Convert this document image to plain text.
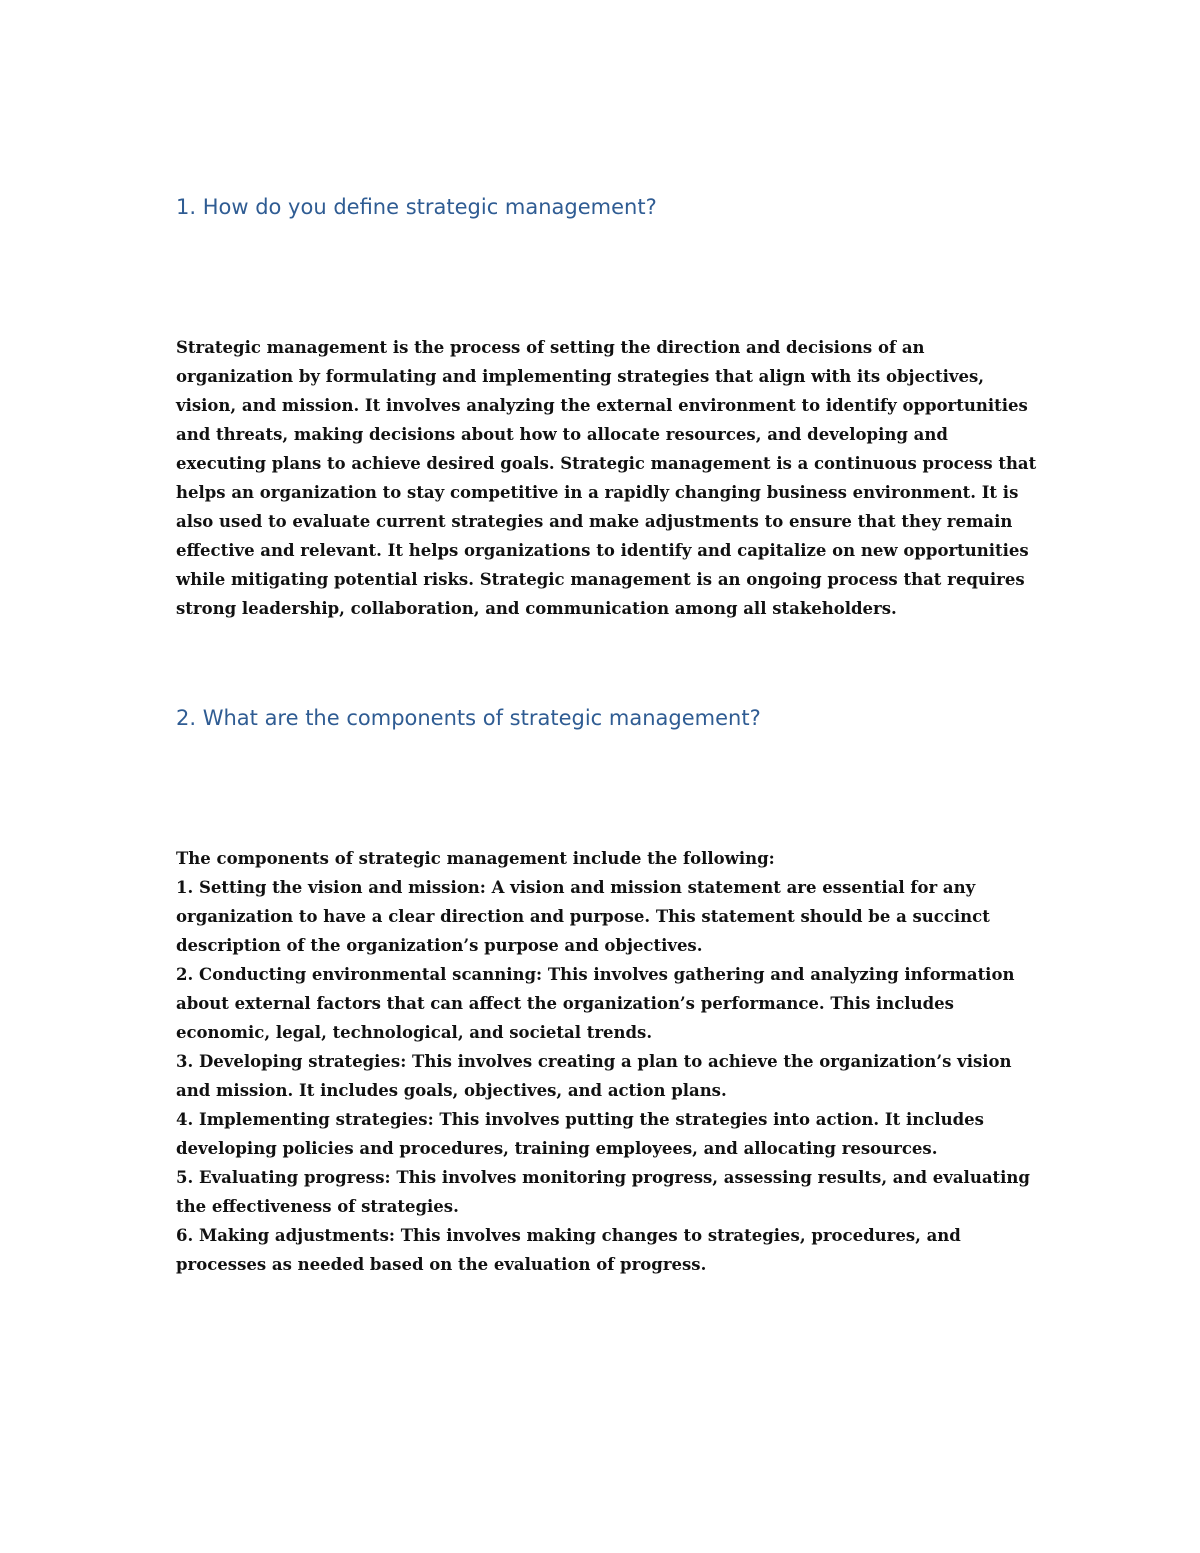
1. How do you define strategic management?
Strategic management is the process of setting the direction and decisions of an
organization by formulating and implementing strategies that align with its objectives,
vision, and mission. It involves analyzing the external environment to identify opportunities
and threats, making decisions about how to allocate resources, and developing and
executing plans to achieve desired goals. Strategic management is a continuous process that
helps an organization to stay competitive in a rapidly changing business environment. It is
also used to evaluate current strategies and make adjustments to ensure that they remain
effective and relevant. It helps organizations to identify and capitalize on new opportunities
while mitigating potential risks. Strategic management is an ongoing process that requires
strong leadership, collaboration, and communication among all stakeholders.
2. What are the components of strategic management?
The components of strategic management include the following:
1. Setting the vision and mission: A vision and mission statement are essential for any
organization to have a clear direction and purpose. This statement should be a succinct
description of the organization’s purpose and objectives.
2. Conducting environmental scanning: This involves gathering and analyzing information
about external factors that can affect the organization’s performance. This includes
economic, legal, technological, and societal trends.
3. Developing strategies: This involves creating a plan to achieve the organization’s vision
and mission. It includes goals, objectives, and action plans.
4. Implementing strategies: This involves putting the strategies into action. It includes
developing policies and procedures, training employees, and allocating resources.
5. Evaluating progress: This involves monitoring progress, assessing results, and evaluating
the effectiveness of strategies.
6. Making adjustments: This involves making changes to strategies, procedures, and
processes as needed based on the evaluation of progress.
